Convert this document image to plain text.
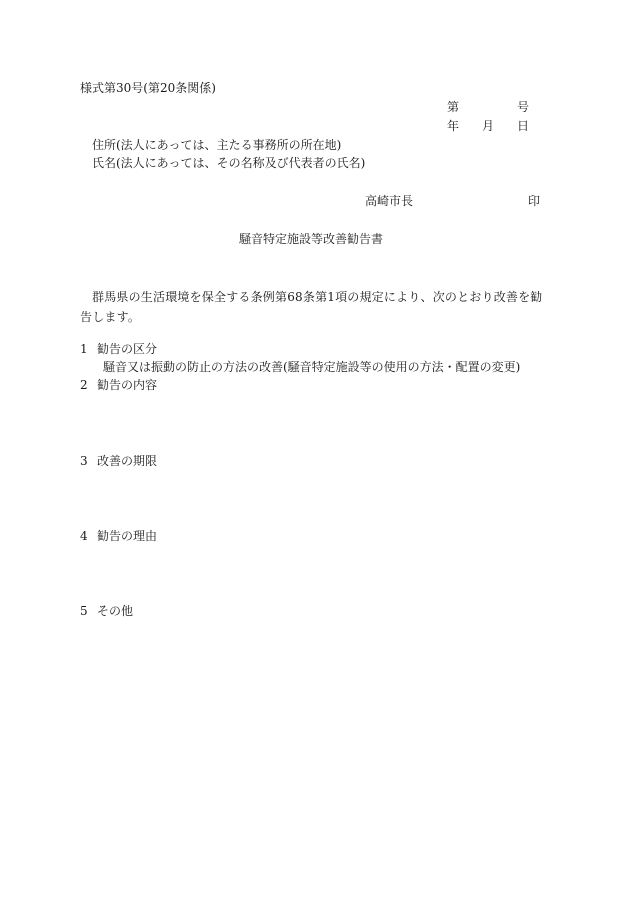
様式第30号(第20条関係)
第	号
年 月 日
住所(法人にあっては、主たる事務所の所在地)
氏名(法人にあっては、その名称及び代表者の氏名)
高崎市長	印
騒音特定施設等改善勧告書
群馬県の生活環境を保全する条例第68条第1項の規定により、次のとおり改善を勧告します。
1 勧告の区分
騒音又は振動の防止の方法の改善(騒音特定施設等の使用の方法・配置の変更)
2 勧告の内容
3 改善の期限
4 勧告の理由
5 その他
